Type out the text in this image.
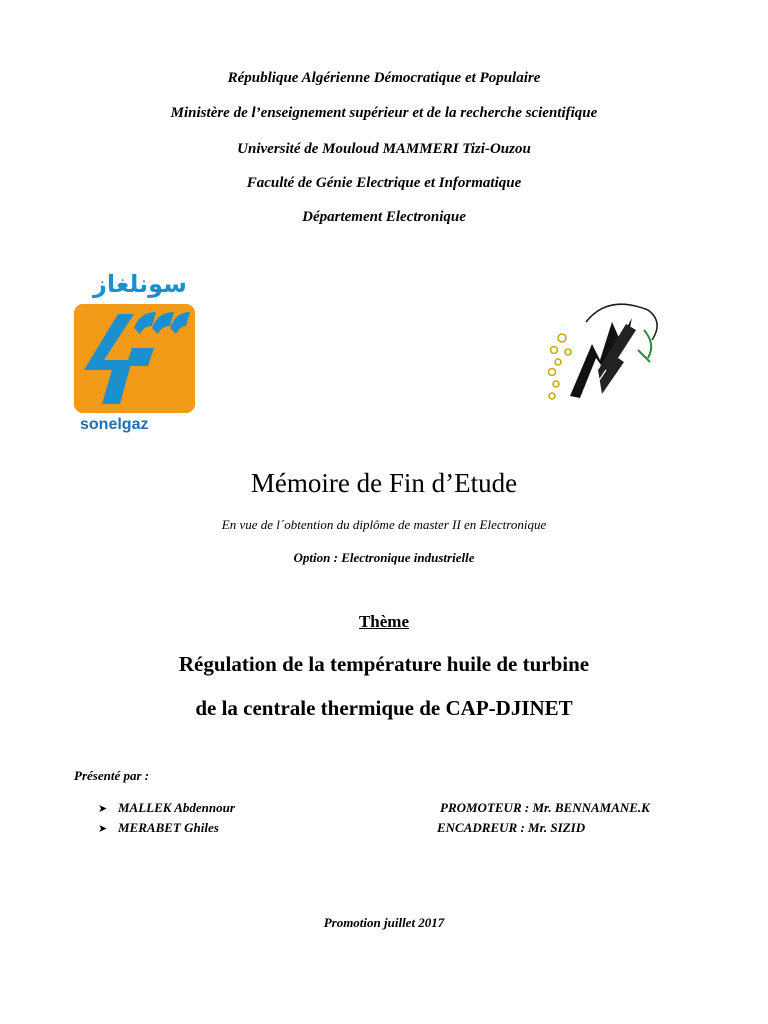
République Algérienne Démocratique et Populaire
Ministère de l’enseignement supérieur et de la recherche scientifique
Université de Mouloud MAMMERI Tizi-Ouzou
Faculté de Génie Electrique et Informatique
Département Electronique
سونلغاز
sonelgaz
Mémoire de Fin d’Etude
En vue de l´obtention du diplôme de master II en Electronique
Option : Electronique industrielle
Thème
Régulation de la température huile de turbine
de la centrale thermique de CAP-DJINET
Présenté par :
➤ MALLEK Abdennour
➤ MERABET Ghiles
PROMOTEUR : Mr. BENNAMANE.K
ENCADREUR : Mr. SIZID
Promotion juillet 2017
